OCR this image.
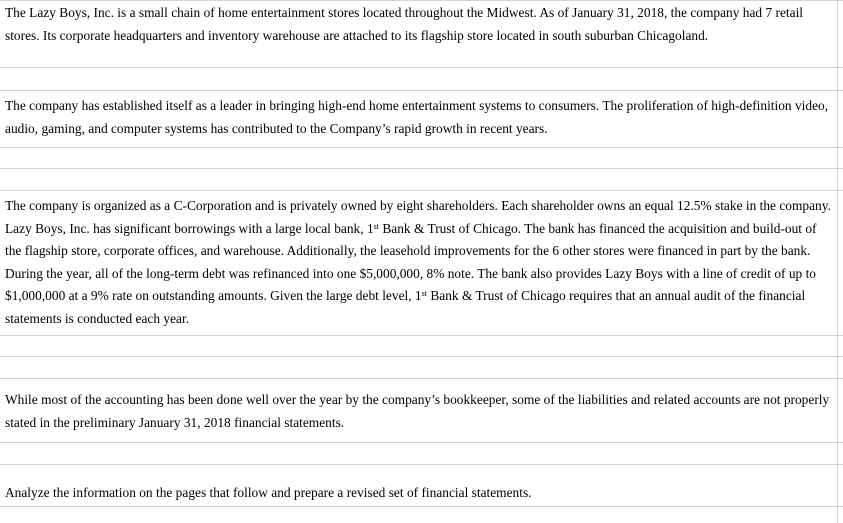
The Lazy Boys, Inc. is a small chain of home entertainment stores located throughout the Midwest. As of January 31, 2018, the company had 7 retail stores. Its corporate headquarters and inventory warehouse are attached to its flagship store located in south suburban Chicagoland.

The company has established itself as a leader in bringing high-end home entertainment systems to consumers. The proliferation of high-definition video, audio, gaming, and computer systems has contributed to the Company’s rapid growth in recent years.

The company is organized as a C-Corporation and is privately owned by eight shareholders. Each shareholder owns an equal 12.5% stake in the company. Lazy Boys, Inc. has significant borrowings with a large local bank, 1st Bank & Trust of Chicago. The bank has financed the acquisition and build-out of the flagship store, corporate offices, and warehouse. Additionally, the leasehold improvements for the 6 other stores were financed in part by the bank. During the year, all of the long-term debt was refinanced into one $5,000,000, 8% note. The bank also provides Lazy Boys with a line of credit of up to $1,000,000 at a 9% rate on outstanding amounts. Given the large debt level, 1st Bank & Trust of Chicago requires that an annual audit of the financial statements is conducted each year.

While most of the accounting has been done well over the year by the company’s bookkeeper, some of the liabilities and related accounts are not properly stated in the preliminary January 31, 2018 financial statements.

Analyze the information on the pages that follow and prepare a revised set of financial statements.
